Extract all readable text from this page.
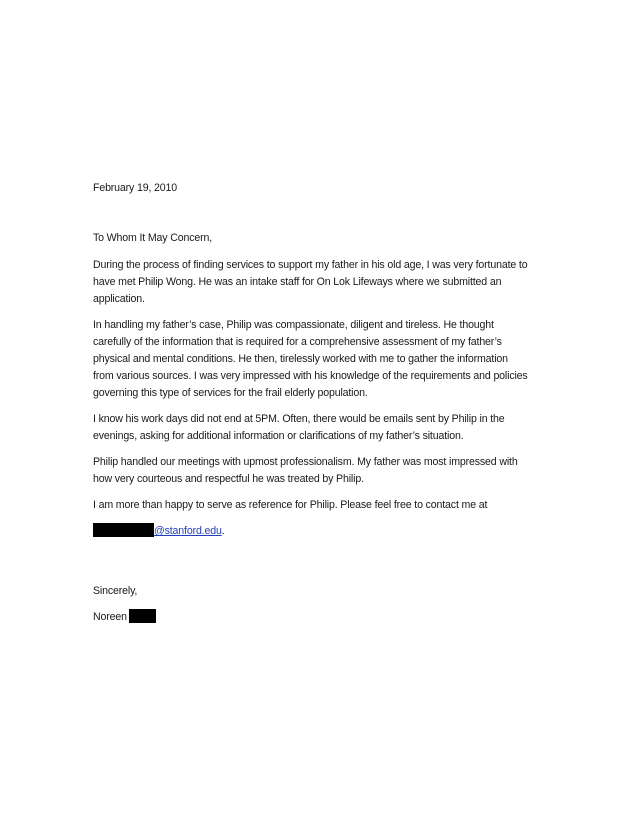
February 19, 2010

To Whom It May Concern,

During the process of finding services to support my father in his old age, I was very fortunate to
have met Philip Wong. He was an intake staff for On Lok Lifeways where we submitted an
application.

In handling my father’s case, Philip was compassionate, diligent and tireless. He thought
carefully of the information that is required for a comprehensive assessment of my father’s
physical and mental conditions. He then, tirelessly worked with me to gather the information
from various sources. I was very impressed with his knowledge of the requirements and policies
governing this type of services for the frail elderly population.

I know his work days did not end at 5PM. Often, there would be emails sent by Philip in the
evenings, asking for additional information or clarifications of my father’s situation.

Philip handled our meetings with upmost professionalism. My father was most impressed with
how very courteous and respectful he was treated by Philip.

I am more than happy to serve as reference for Philip. Please feel free to contact me at

@stanford.edu.

Sincerely,

Noreen
